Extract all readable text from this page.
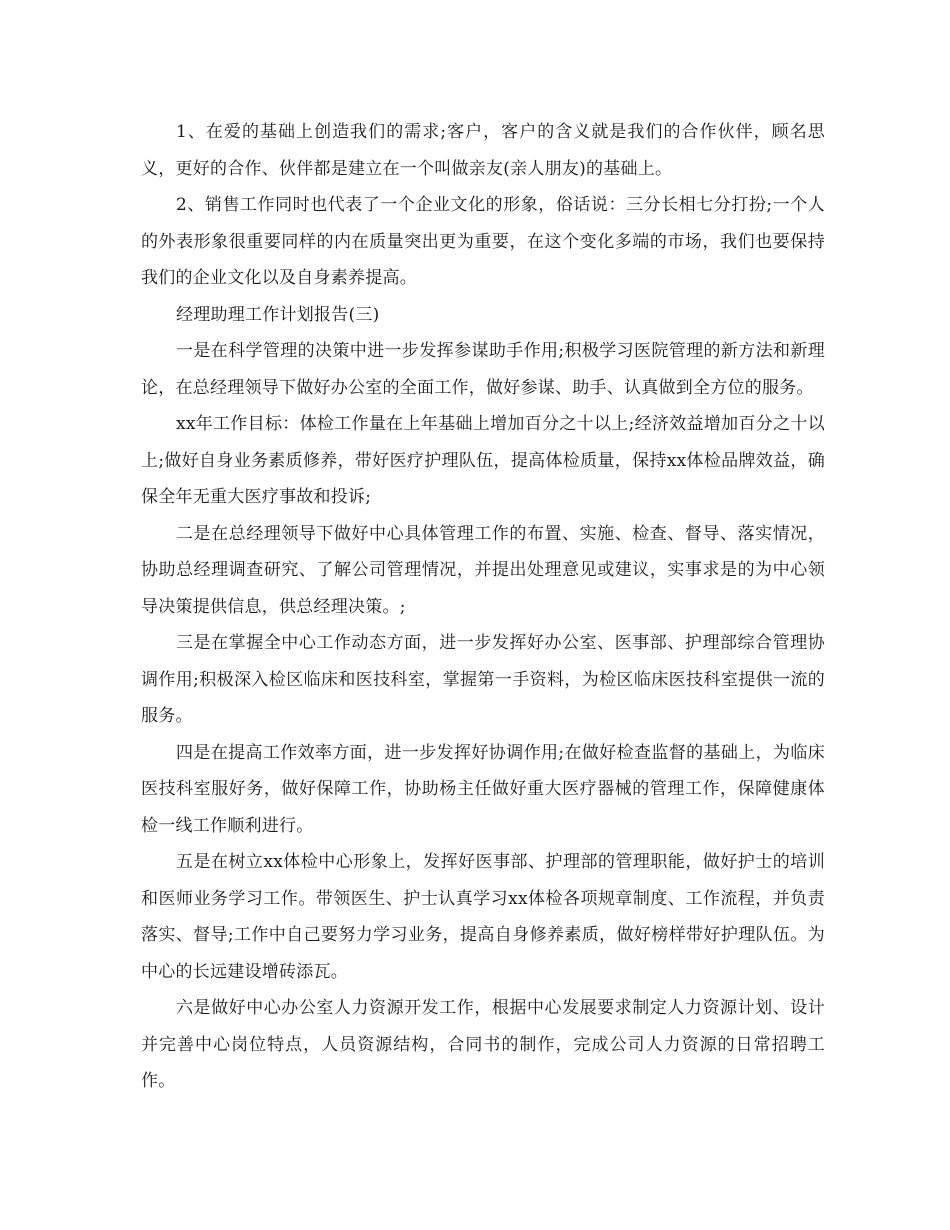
1、在爱的基础上创造我们的需求;客户，客户的含义就是我们的合作伙伴，顾名思义，更好的合作、伙伴都是建立在一个叫做亲友(亲人朋友)的基础上。

2、销售工作同时也代表了一个企业文化的形象，俗话说：三分长相七分打扮;一个人的外表形象很重要同样的内在质量突出更为重要，在这个变化多端的市场，我们也要保持我们的企业文化以及自身素养提高。

经理助理工作计划报告(三)

一是在科学管理的决策中进一步发挥参谋助手作用;积极学习医院管理的新方法和新理论，在总经理领导下做好办公室的全面工作，做好参谋、助手、认真做到全方位的服务。

xx年工作目标：体检工作量在上年基础上增加百分之十以上;经济效益增加百分之十以上;做好自身业务素质修养，带好医疗护理队伍，提高体检质量，保持xx体检品牌效益，确保全年无重大医疗事故和投诉;

二是在总经理领导下做好中心具体管理工作的布置、实施、检查、督导、落实情况，协助总经理调查研究、了解公司管理情况，并提出处理意见或建议，实事求是的为中心领导决策提供信息，供总经理决策。;

三是在掌握全中心工作动态方面，进一步发挥好办公室、医事部、护理部综合管理协调作用;积极深入检区临床和医技科室，掌握第一手资料，为检区临床医技科室提供一流的服务。

四是在提高工作效率方面，进一步发挥好协调作用;在做好检查监督的基础上，为临床医技科室服好务，做好保障工作，协助杨主任做好重大医疗器械的管理工作，保障健康体检一线工作顺利进行。

五是在树立xx体检中心形象上，发挥好医事部、护理部的管理职能，做好护士的培训和医师业务学习工作。带领医生、护士认真学习xx体检各项规章制度、工作流程，并负责落实、督导;工作中自己要努力学习业务，提高自身修养素质，做好榜样带好护理队伍。为中心的长远建设增砖添瓦。

六是做好中心办公室人力资源开发工作，根据中心发展要求制定人力资源计划、设计并完善中心岗位特点，人员资源结构，合同书的制作，完成公司人力资源的日常招聘工作。
